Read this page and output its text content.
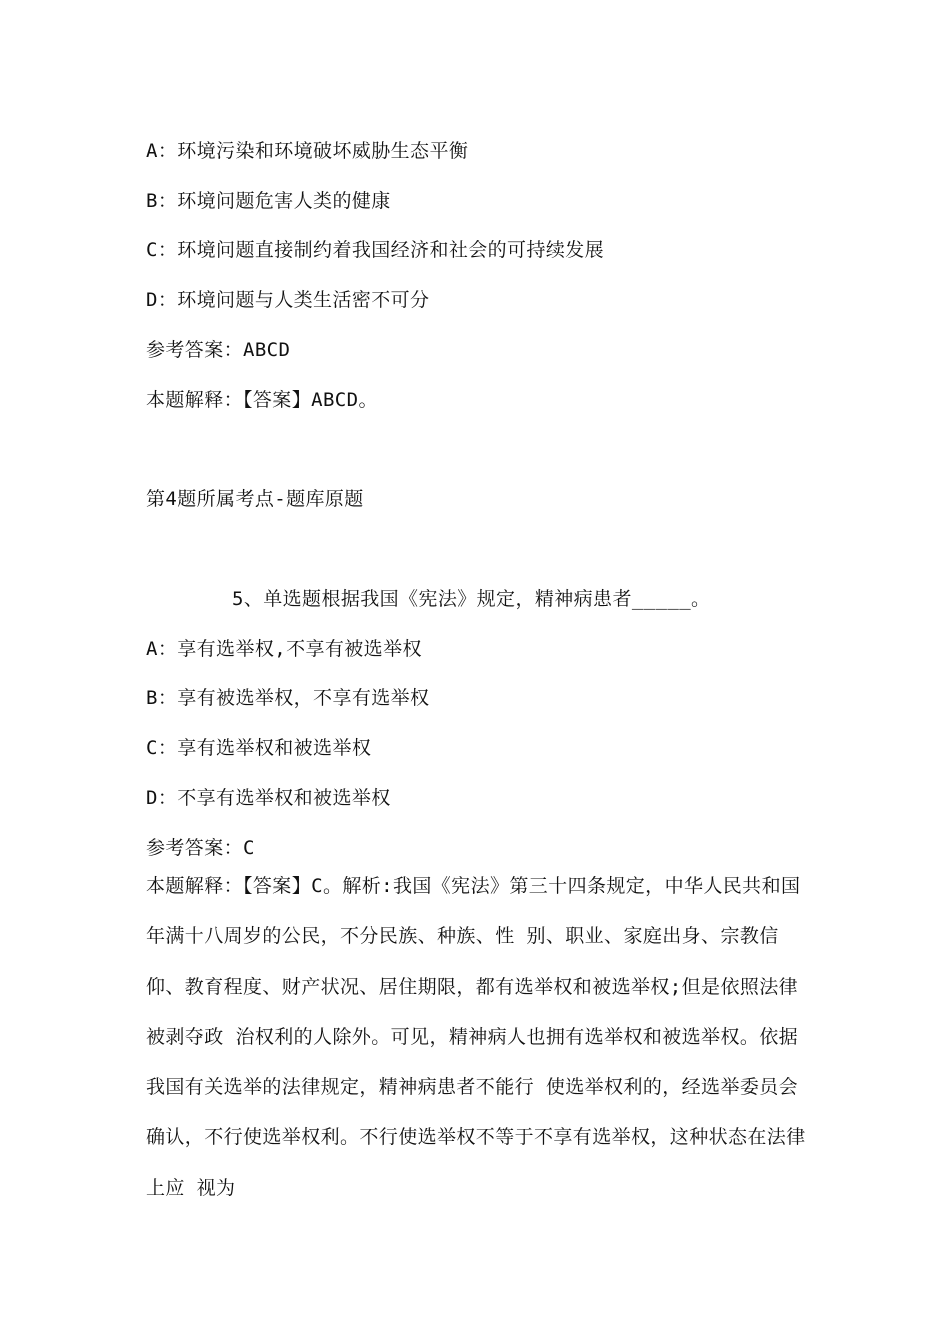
A：环境污染和环境破坏威胁生态平衡
B：环境问题危害人类的健康
C：环境问题直接制约着我国经济和社会的可持续发展
D：环境问题与人类生活密不可分
参考答案：ABCD
本题解释：【答案】ABCD。
第4题所属考点-题库原题
5、单选题根据我国《宪法》规定，精神病患者_____。
A：享有选举权,不享有被选举权
B：享有被选举权，不享有选举权
C：享有选举权和被选举权
D：不享有选举权和被选举权
参考答案：C
本题解释：【答案】C。解析:我国《宪法》第三十四条规定，中华人民共和国年满十八周岁的公民，不分民族、种族、性 别、职业、家庭出身、宗教信仰、教育程度、财产状况、居住期限，都有选举权和被选举权;但是依照法律被剥夺政 治权利的人除外。可见，精神病人也拥有选举权和被选举权。依据我国有关选举的法律规定，精神病患者不能行 使选举权利的，经选举委员会确认，不行使选举权利。不行使选举权不等于不享有选举权，这种状态在法律上应 视为
